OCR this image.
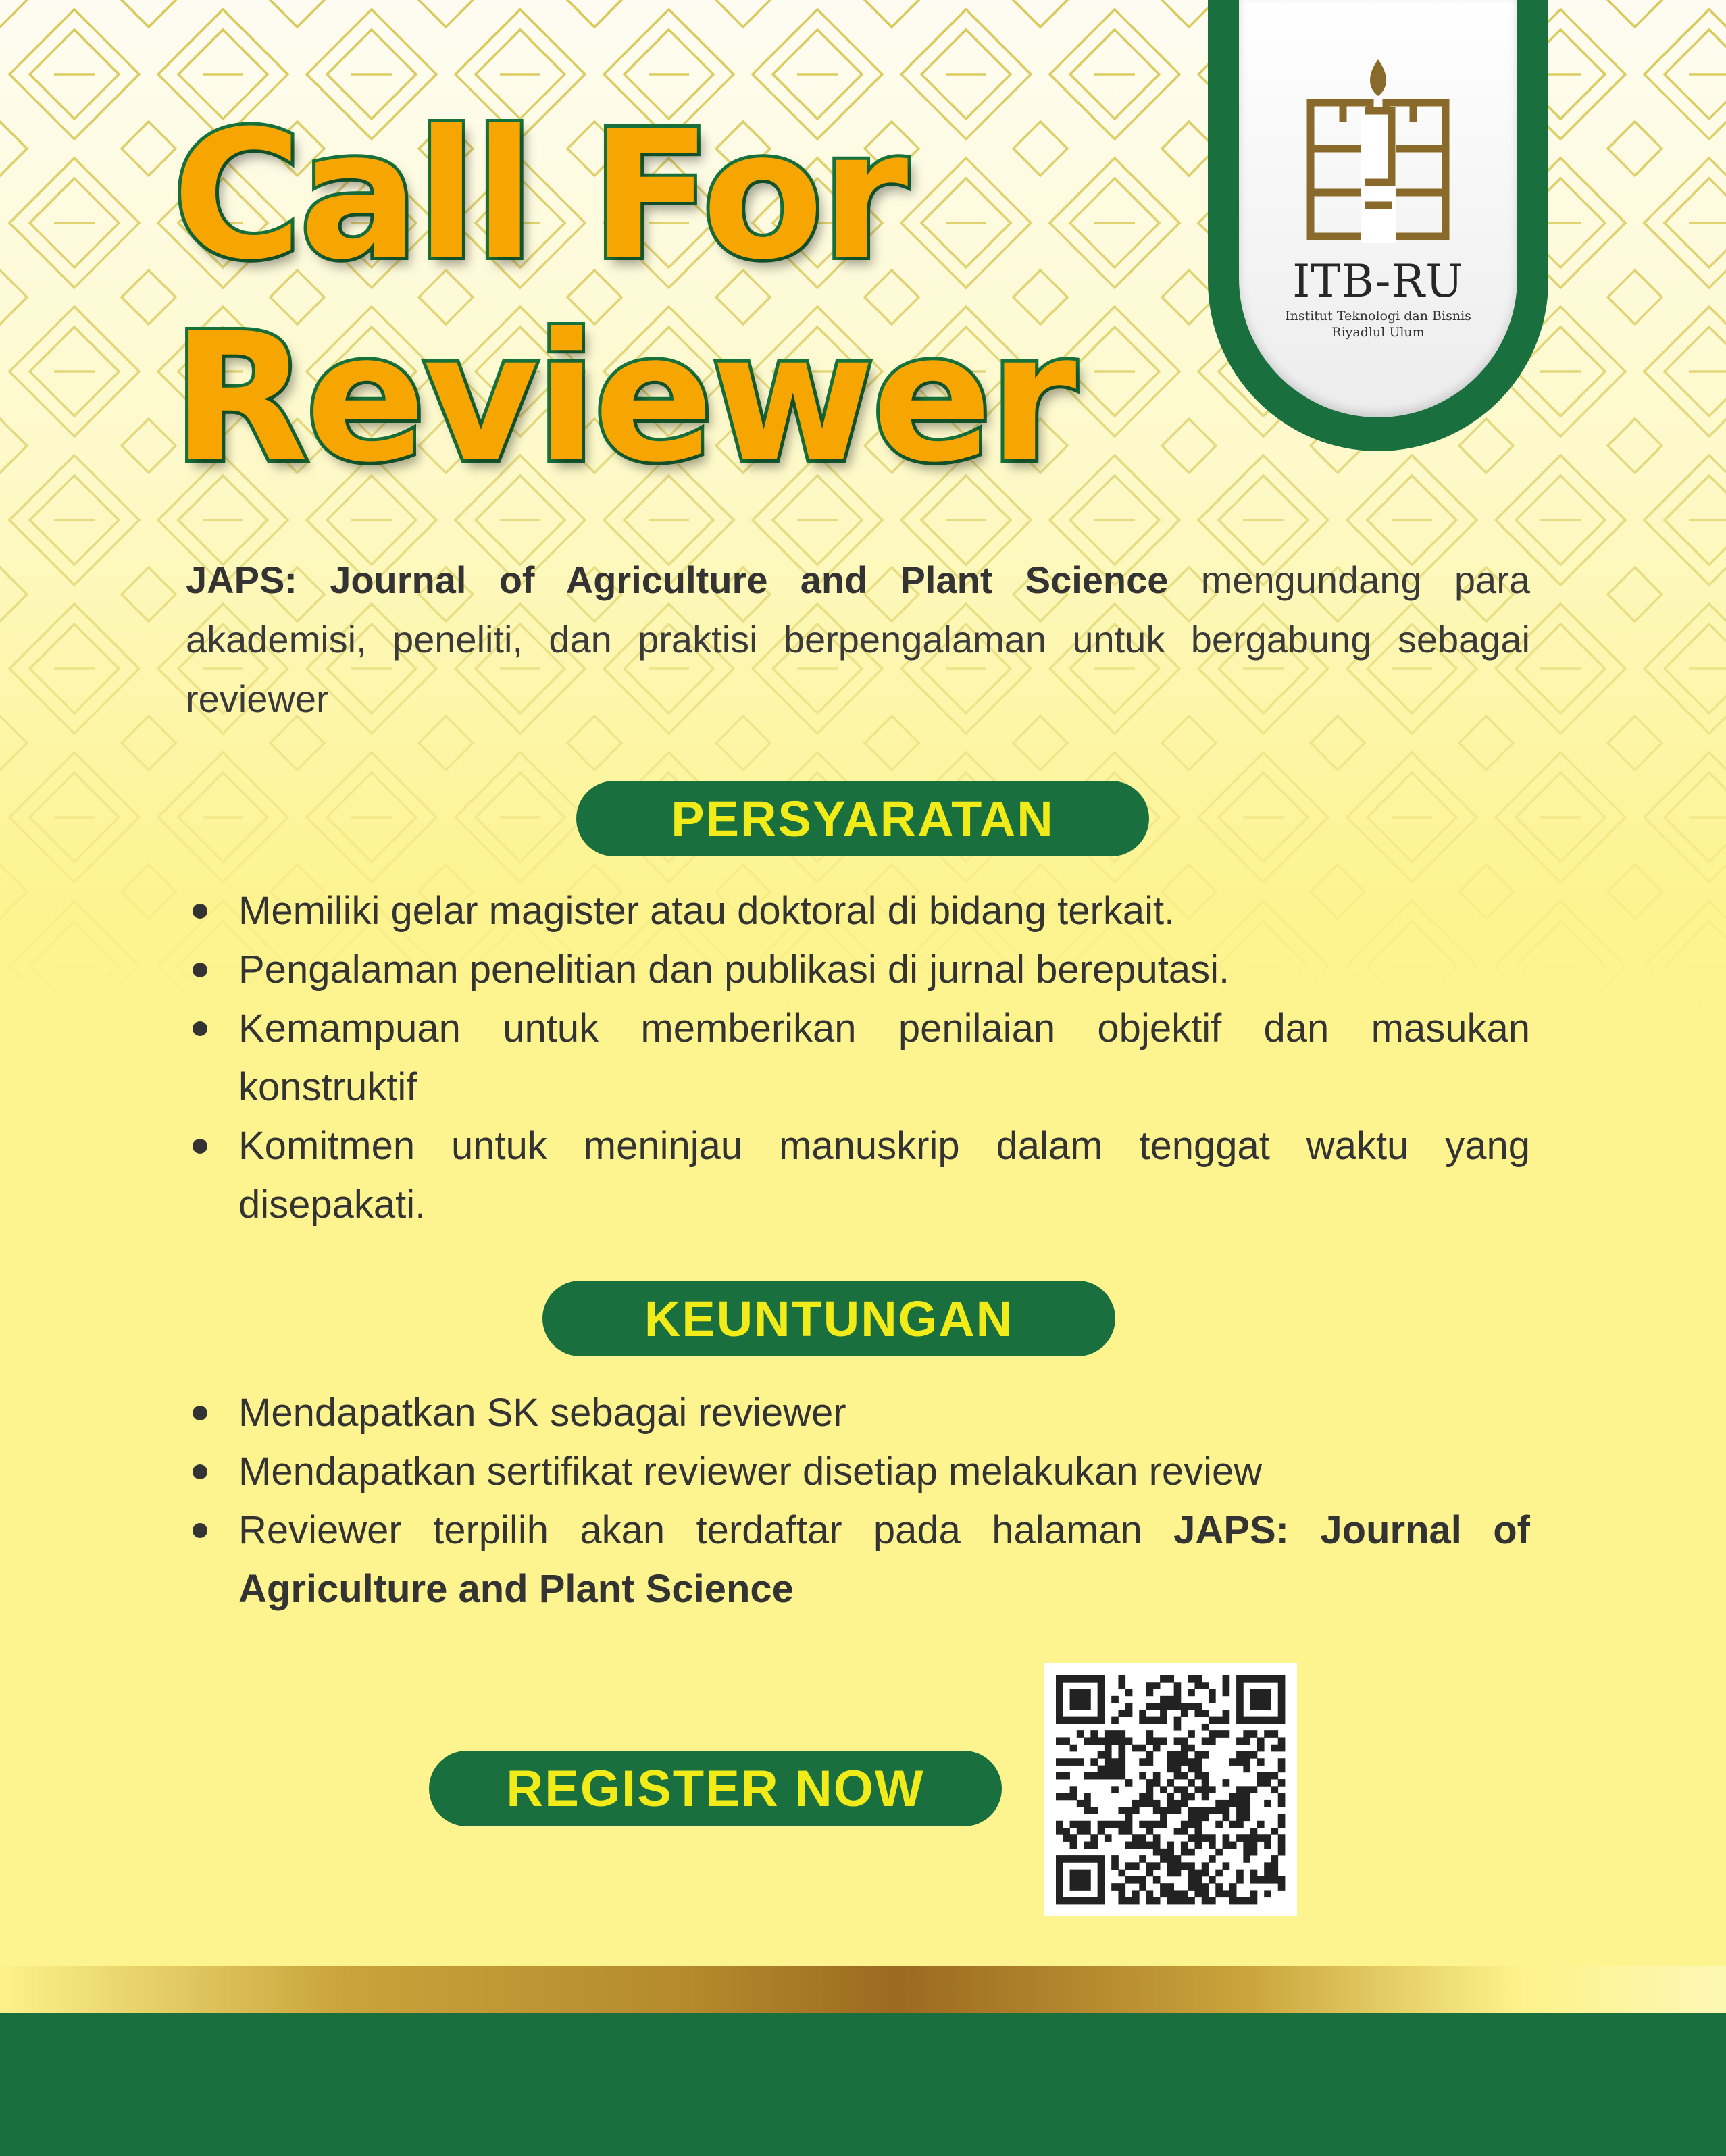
Call For
Reviewer
ITB-RU
Institut Teknologi dan Bisnis
Riyadlul Ulum

JAPS: Journal of Agriculture and Plant Science mengundang para akademisi, peneliti, dan praktisi berpengalaman untuk bergabung sebagai reviewer

PERSYARATAN
Memiliki gelar magister atau doktoral di bidang terkait.
Pengalaman penelitian dan publikasi di jurnal bereputasi.
Kemampuan untuk memberikan penilaian objektif dan masukan konstruktif
Komitmen untuk meninjau manuskrip dalam tenggat waktu yang disepakati.
KEUNTUNGAN
Mendapatkan SK sebagai reviewer
Mendapatkan sertifikat reviewer disetiap melakukan review
Reviewer terpilih akan terdaftar pada halaman JAPS: Journal of Agriculture and Plant Science
REGISTER NOW
